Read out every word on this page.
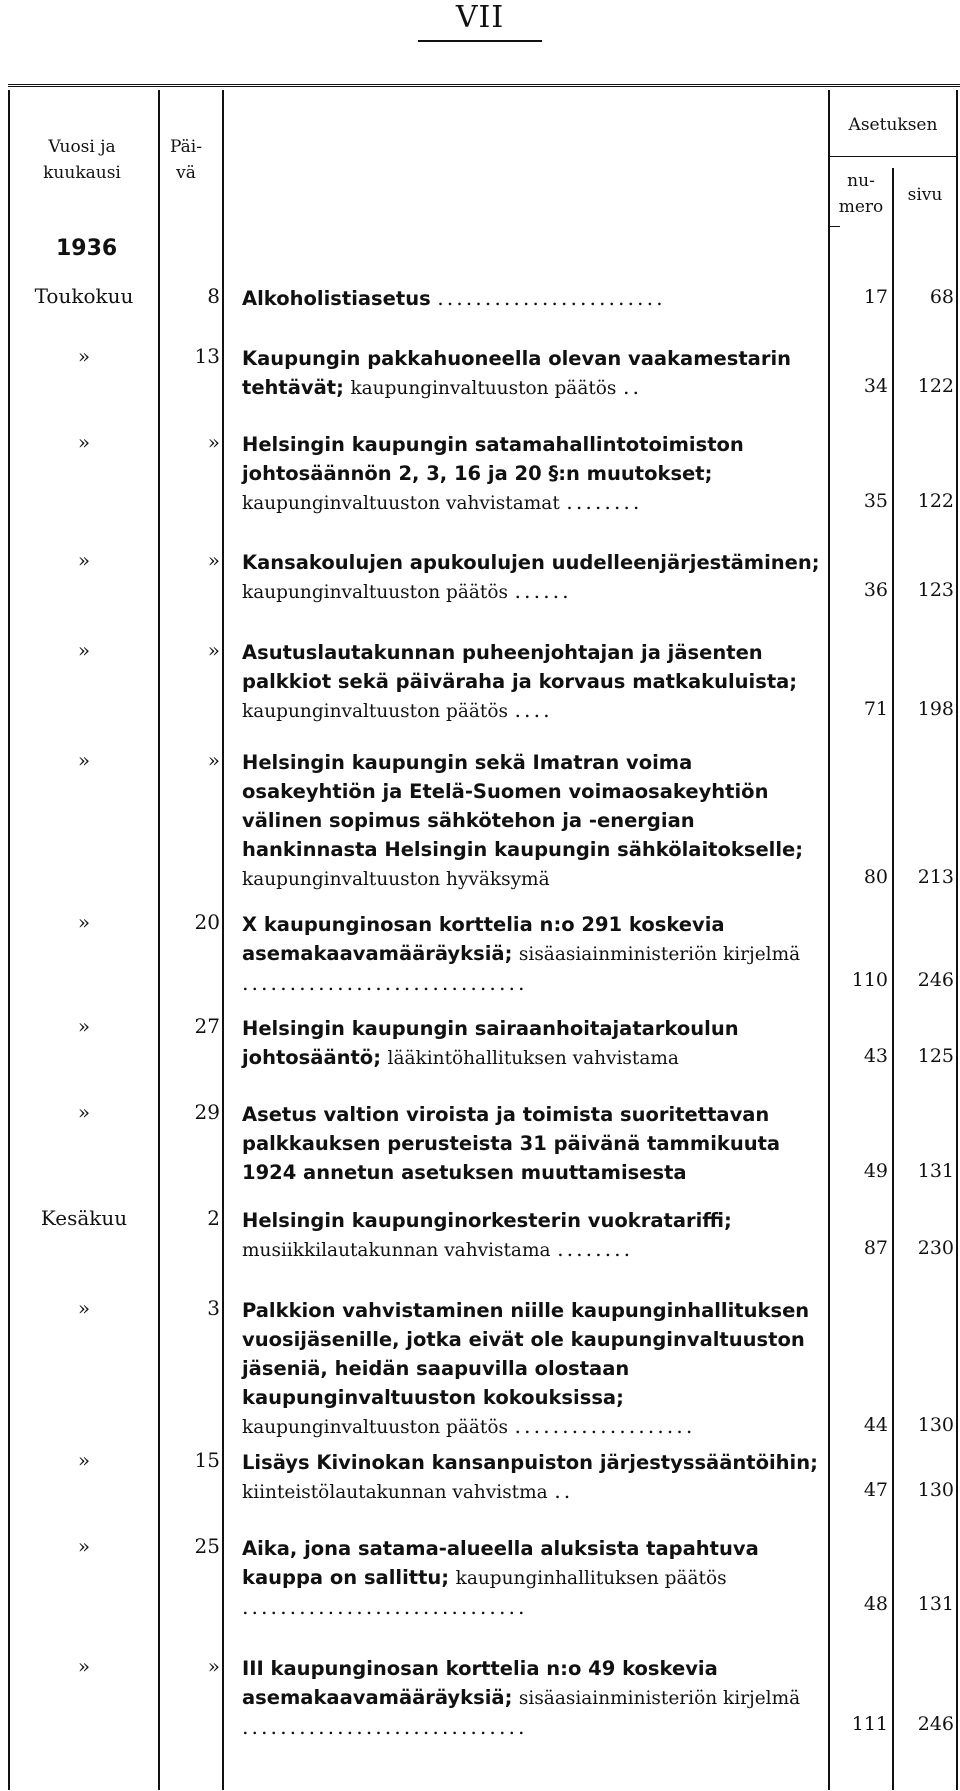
VII
Vuosi ja kuukausi
Päi-vä
Asetuksen
nu-mero
sivu
1936
Toukokuu	8 Alkoholistiasetus ........................	17	68
»	13 Kaupungin pakkahuoneella olevan vaakamestarin tehtävät; kaupunginvaltuuston päätös ..	34	122
»	» Helsingin kaupungin satamahallintotoimiston johtosäännön 2, 3, 16 ja 20 §:n muutokset; kaupunginvaltuuston vahvistamat ........	35	122
»	» Kansakoulujen apukoulujen uudelleenjärjestäminen; kaupunginvaltuuston päätös ......	36	123
»	» Asutuslautakunnan puheenjohtajan ja jäsenten palkkiot sekä päiväraha ja korvaus matkakuluista; kaupunginvaltuuston päätös ....	71	198
»	» Helsingin kaupungin sekä Imatran voima osakeyhtiön ja Etelä-Suomen voimaosakeyhtiön välinen sopimus sähkötehon ja -energian hankinnasta Helsingin kaupungin sähkölaitokselle; kaupunginvaltuuston hyväksymä	80	213
»	20 X kaupunginosan korttelia n:o 291 koskevia asemakaavamääräyksiä; sisäasiainministeriön kirjelmä ..............................	110	246
»	27 Helsingin kaupungin sairaanhoitajatarkoulun johtosääntö; lääkintöhallituksen vahvistama	43	125
»	29 Asetus valtion viroista ja toimista suoritettavan palkkauksen perusteista 31 päivänä tammikuuta 1924 annetun asetuksen muuttamisesta	49	131
Kesäkuu	2 Helsingin kaupunginorkesterin vuokratariffi; musiikkilautakunnan vahvistama ........	87	230
»	3 Palkkion vahvistaminen niille kaupunginhallituksen vuosijäsenille, jotka eivät ole kaupunginvaltuuston jäseniä, heidän saapuvilla olostaan kaupunginvaltuuston kokouksissa; kaupunginvaltuuston päätös ...................	44	130
»	15 Lisäys Kivinokan kansanpuiston järjestyssääntöihin; kiinteistölautakunnan vahvistma ..	47	130
»	25 Aika, jona satama-alueella aluksista tapahtuva kauppa on sallittu; kaupunginhallituksen päätös ..............................	48	131
»	» III kaupunginosan korttelia n:o 49 koskevia asemakaavamääräyksiä; sisäasiainministeriön kirjelmä ..............................	111	246
